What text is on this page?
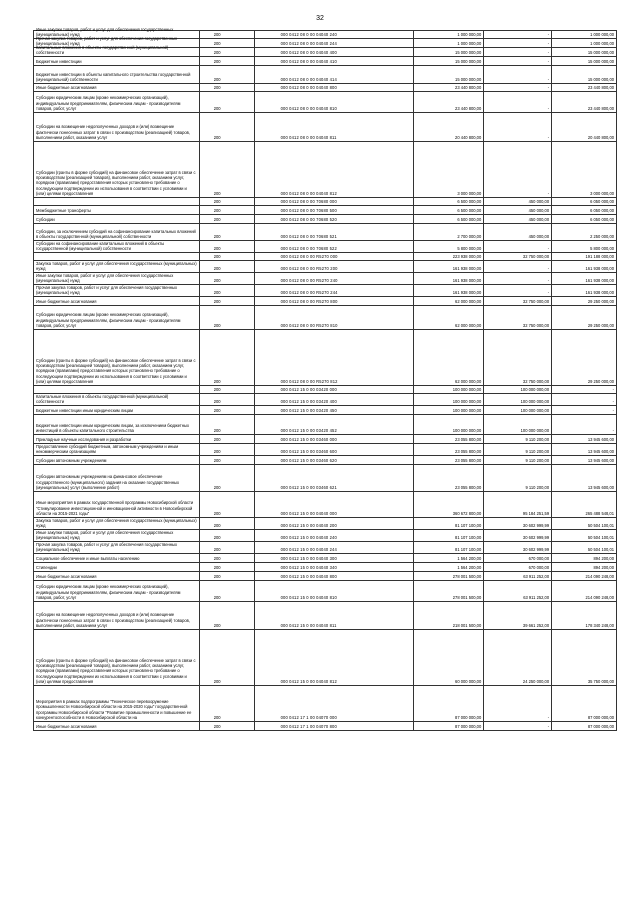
32
Иные закупки товаров, работ и услуг для обеспечения государственных (муниципальных) нужд	200	000 0412 08 0 00 04040 240	1 000 000,00	-	1 000 000,00
Прочая закупка товаров, работ и услуг для обеспечения государственных (муниципальных) нужд	200	000 0412 08 0 00 04040 244	1 000 000,00	-	1 000 000,00
Капитальные вложения в объекты государственной (муниципальной) собственности	200	000 0412 08 0 00 04040 400	15 000 000,00	-	15 000 000,00
Бюджетные инвестиции	200	000 0412 08 0 00 04040 410	15 000 000,00	-	15 000 000,00
Бюджетные инвестиции в объекты капитального строительства государственной (муниципальной) собственности	200	000 0412 08 0 00 04040 414	15 000 000,00	-	15 000 000,00
Иные бюджетные ассигнования	200	000 0412 08 0 00 04040 800	23 440 800,00	-	23 440 800,00
Субсидии юридическим лицам (кроме некоммерческих организаций), индивидуальным предпринимателям, физическим лицам - производителям товаров, работ, услуг	200	000 0412 08 0 00 04040 810	23 440 800,00	-	23 440 800,00
Субсидии на возмещение недополученных доходов и (или) возмещение фактически понесенных затрат в связи с производством (реализацией) товаров, выполнением работ, оказанием услуг	200	000 0412 08 0 00 04040 811	20 440 800,00	-	20 440 800,00
Субсидии (гранты в форме субсидий) на финансовое обеспечение затрат в связи с производством (реализацией товаров), выполнением работ, оказанием услуг, порядком (правилами) предоставления которых установлено требование о последующем подтверждении их использования в соответствии с условиями и (или) целями предоставления	200	000 0412 08 0 00 04040 812	3 000 000,00	-	3 000 000,00
200	000 0412 08 0 00 70680 000	6 500 000,00	450 000,00	6 050 000,00
Межбюджетные трансферты	200	000 0412 08 0 00 70680 500	6 500 000,00	450 000,00	6 050 000,00
Субсидии	200	000 0412 08 0 00 70680 520	6 500 000,00	450 000,00	6 050 000,00
Субсидии, за исключением субсидий на софинансирование капитальных вложений в объекты государственной (муниципальной) собственности	200	000 0412 08 0 00 70680 521	2 700 000,00	450 000,00	2 250 000,00
Субсидии на софинансирование капитальных вложений в объекты государственной (муниципальной) собственности	200	000 0412 08 0 00 70680 522	5 800 000,00	-	5 800 000,00
200	000 0412 08 0 00 R5270 000	223 938 000,00	32 750 000,00	191 188 000,00
Закупка товаров, работ и услуг для обеспечения государственных (муниципальных) нужд	200	000 0412 08 0 00 R5270 200	161 938 000,00	-	161 938 000,00
Иные закупки товаров, работ и услуг для обеспечения государственных (муниципальных) нужд	200	000 0412 08 0 00 R5270 240	161 938 000,00	-	161 938 000,00
Прочая закупка товаров, работ и услуг для обеспечения государственных (муниципальных) нужд	200	000 0412 08 0 00 R5270 244	161 938 000,00	-	161 938 000,00
Иные бюджетные ассигнования	200	000 0412 08 0 00 R5270 800	62 000 000,00	32 750 000,00	29 250 000,00
Субсидии юридическим лицам (кроме некоммерческих организаций), индивидуальным предпринимателям, физическим лицам - производителям товаров, работ, услуг	200	000 0412 08 0 00 R5270 810	62 000 000,00	32 750 000,00	29 250 000,00
Субсидии (гранты в форме субсидий) на финансовое обеспечение затрат в связи с производством (реализацией товаров), выполнением работ, оказанием услуг, порядком (правилами) предоставления которых установлено требование о последующем подтверждении их использования в соответствии с условиями и (или) целями предоставления	200	000 0412 08 0 00 R5270 812	62 000 000,00	32 750 000,00	29 250 000,00
200	000 0412 15 0 00 03420 000	100 000 000,00	100 000 000,00	-
Капитальные вложения в объекты государственной (муниципальной) собственности	200	000 0412 15 0 00 03420 400	100 000 000,00	100 000 000,00	-
Бюджетные инвестиции иным юридическим лицам	200	000 0412 15 0 00 03420 450	100 000 000,00	100 000 000,00	-
Бюджетные инвестиции иным юридическим лицам, за исключением бюджетных инвестиций в объекты капитального строительства	200	000 0412 15 0 00 03420 452	100 000 000,00	100 000 000,00	-
Прикладные научные исследования и разработки	200	000 0412 15 0 00 03460 000	23 055 800,00	9 110 200,00	13 945 600,00
Предоставление субсидий бюджетным, автономным учреждениям и иным некоммерческим организациям	200	000 0412 15 0 00 03460 600	23 055 800,00	9 110 200,00	13 945 600,00
Субсидии автономным учреждениям	200	000 0412 15 0 00 03460 620	23 055 800,00	9 110 200,00	13 945 600,00
Субсидии автономным учреждениям на финансовое обеспечение государственного (муниципального) задания на оказание государственных (муниципальных) услуг (выполнение работ)	200	000 0412 15 0 00 03460 621	23 055 800,00	9 110 200,00	13 945 600,00
Иные мероприятия в рамках государственной программы Новосибирской области "Стимулирование инвестиционной и инновационной активности в Новосибирской области на 2015-2021 годы"	200	000 0412 15 0 00 04040 000	360 672 800,00	95 184 251,59	265 488 548,01
Закупка товаров, работ и услуг для обеспечения государственных (муниципальных) нужд	200	000 0412 15 0 00 04040 200	81 107 100,00	30 602 999,99	50 504 100,01
Иные закупки товаров, работ и услуг для обеспечения государственных (муниципальных) нужд	200	000 0412 15 0 00 04040 240	81 107 100,00	30 602 999,99	50 504 100,01
Прочая закупка товаров, работ и услуг для обеспечения государственных (муниципальных) нужд	200	000 0412 15 0 00 04040 244	81 107 100,00	30 602 999,99	50 504 100,01
Социальное обеспечение и иные выплаты населению	200	000 0412 15 0 00 04040 300	1 564 200,00	670 000,00	894 200,00
Стипендии	200	000 0412 15 0 00 04040 340	1 564 200,00	670 000,00	894 200,00
Иные бюджетные ассигнования	200	000 0412 15 0 00 04040 800	278 001 500,00	63 911 252,00	214 090 248,00
Субсидии юридическим лицам (кроме некоммерческих организаций), индивидуальным предпринимателям, физическим лицам - производителям товаров, работ, услуг	200	000 0412 15 0 00 04040 810	278 001 500,00	63 911 252,00	214 090 248,00
Субсидии на возмещение недополученных доходов и (или) возмещение фактически понесенных затрат в связи с производством (реализацией) товаров, выполнением работ, оказанием услуг	200	000 0412 15 0 00 04040 811	218 001 500,00	39 661 252,00	178 340 248,00
Субсидии (гранты в форме субсидий) на финансовое обеспечение затрат в связи с производством (реализацией товаров), выполнением работ, оказанием услуг, порядком (правилами) предоставления которых установлено требование о последующем подтверждении их использования в соответствии с условиями и (или) целями предоставления	200	000 0412 15 0 00 04040 812	60 000 000,00	24 250 000,00	35 750 000,00
Мероприятия в рамках подпрограммы "Техническое перевооружение промышленности Новосибирской области на 2015-2020 годы" государственной программы Новосибирской области "Развитие промышленности и повышение ее конкурентоспособности в Новосибирской области на	200	000 0412 17 1 00 04070 000	87 000 000,00	-	87 000 000,00
Иные бюджетные ассигнования	200	000 0412 17 1 00 04070 800	87 000 000,00	-	87 000 000,00
